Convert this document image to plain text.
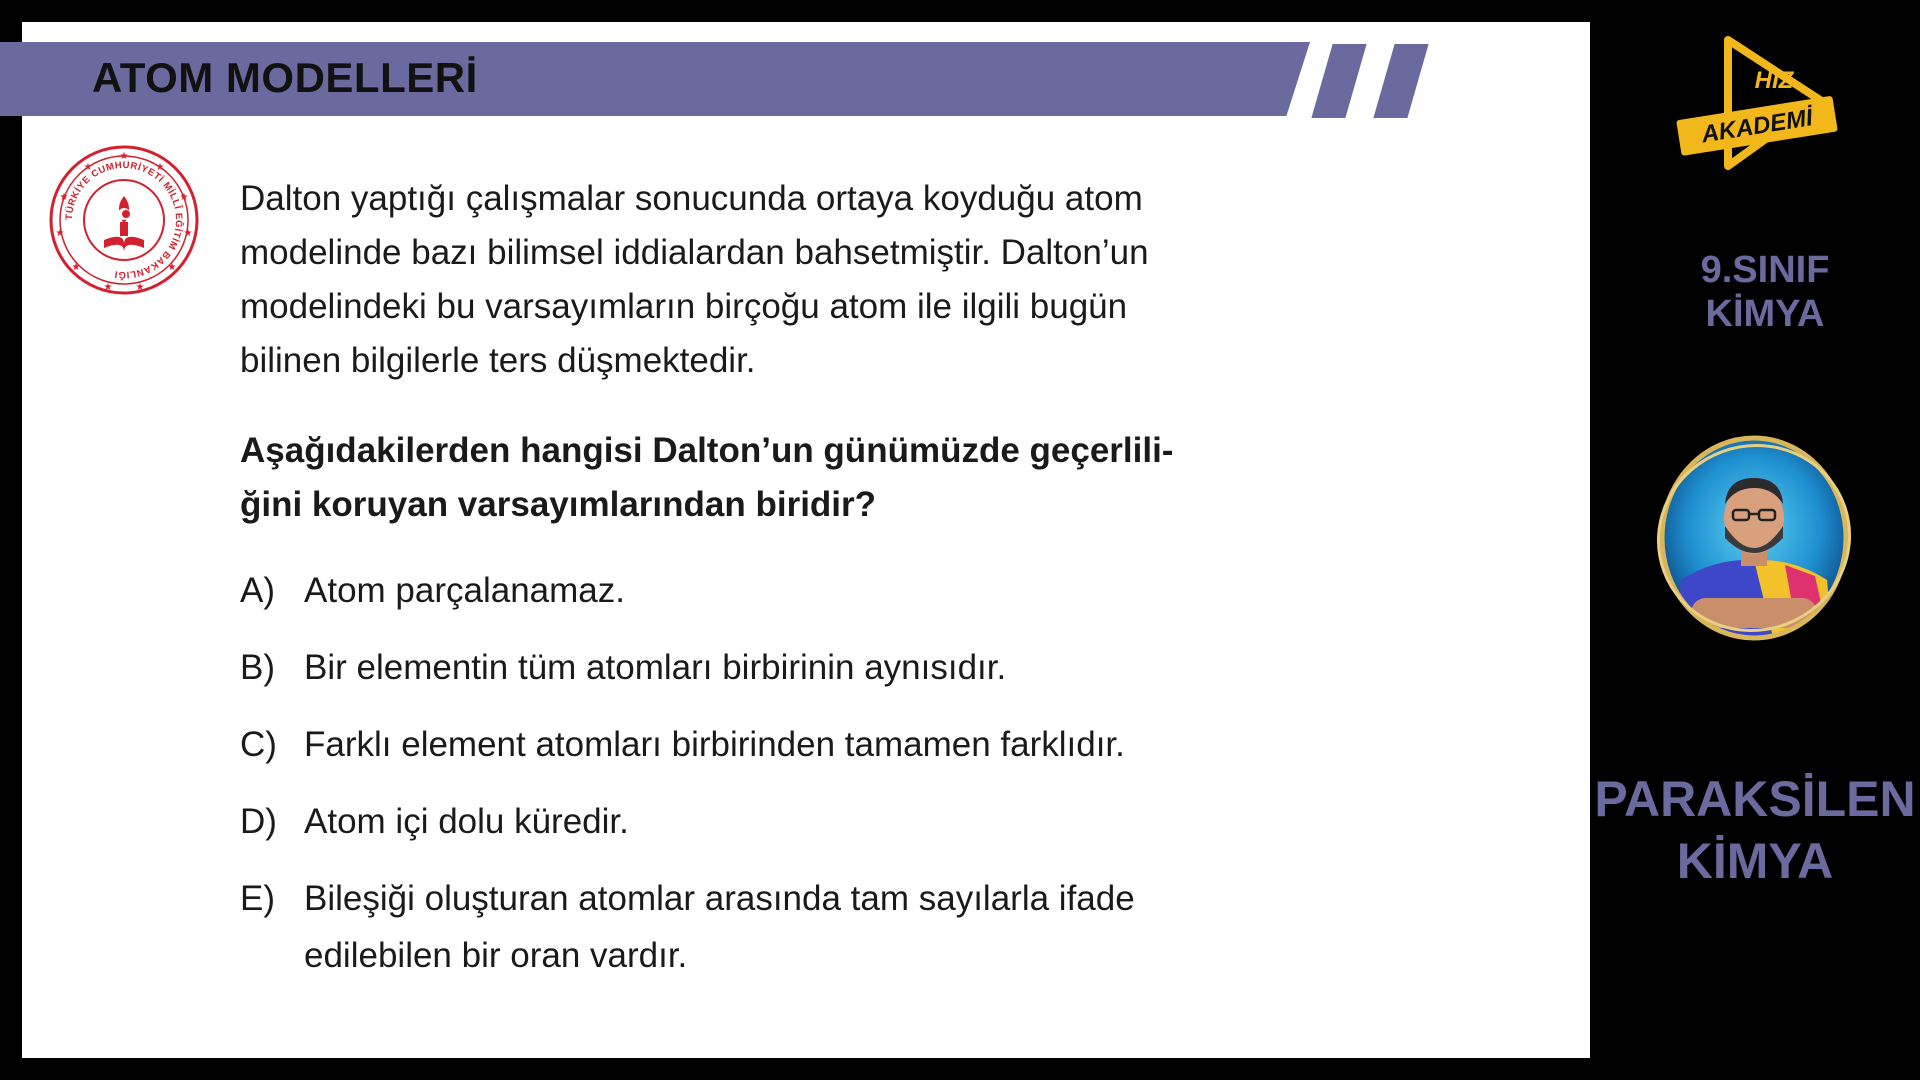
ATOM MODELLERİ
TÜRKİYE CUMHURİYETİ MİLLÎ EĞİTİM BAKANLIĞI
★
★
★
★
★
★
★
★
★
★
★
Dalton yaptığı çalışmalar sonucunda ortaya koyduğu atom
modelinde bazı bilimsel iddialardan bahsetmiştir. Dalton’un
modelindeki bu varsayımların birçoğu atom ile ilgili bugün
bilinen bilgilerle ters düşmektedir.
Aşağıdakilerden hangisi Dalton’un günümüzde geçerlili-
ğini koruyan varsayımlarından biridir?
A) Atom parçalanamaz.
B) Bir elementin tüm atomları birbirinin aynısıdır.
C) Farklı element atomları birbirinden tamamen farklıdır.
D) Atom içi dolu küredir.
E) Bileşiği oluşturan atomlar arasında tam sayılarla ifade
edilebilen bir oran vardır.
HIZ
AKADEMİ
9.SINIF
KİMYA
PARAKSİLEN
KİMYA
